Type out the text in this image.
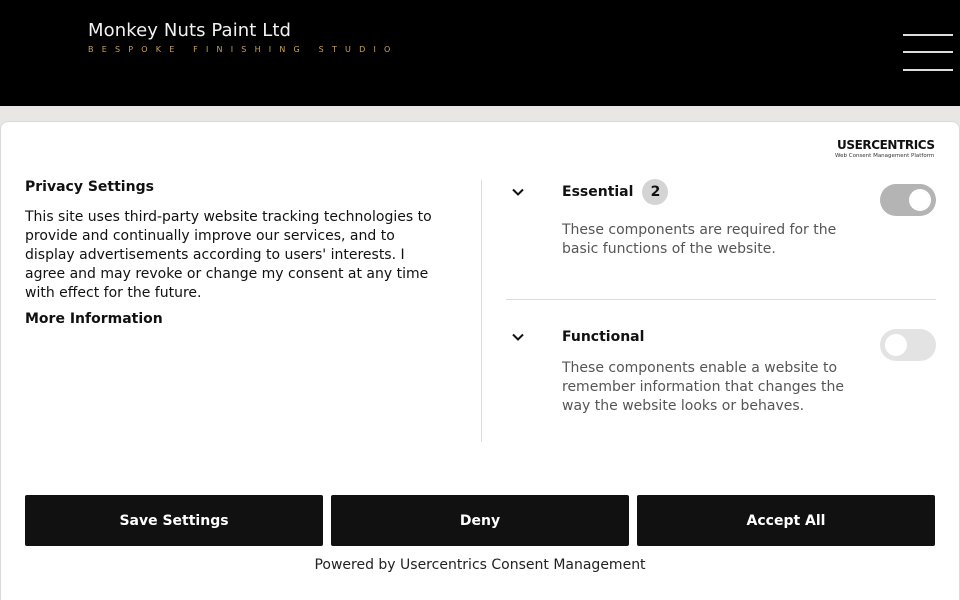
Monkey Nuts Paint Ltd
BESPOKE FINISHING STUDIO
USERCENTRICS
Web Consent Management Platform
Privacy Settings

This site uses third-party website tracking technologies to provide and continually improve our services, and to display advertisements according to users' interests. I agree and may revoke or change my consent at any time with effect for the future.

More Information
Essential	2

These components are required for the basic functions of the website.

Functional

These components enable a website to remember information that changes the way the website looks or behaves.

Save Settings	Deny	Accept All
Powered by Usercentrics Consent Management
